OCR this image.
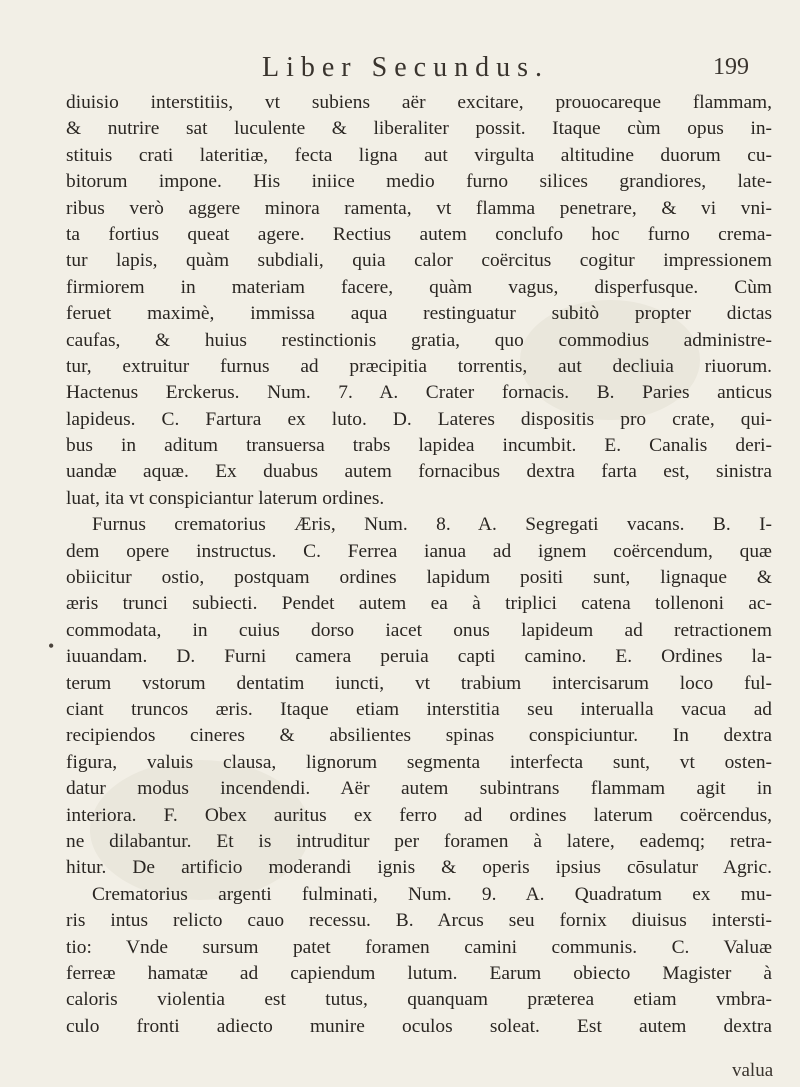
Liber Secundus.	199
•
diuisio interstitiis, vt subiens aër excitare, prouocareque flammam,
& nutrire sat luculente & liberaliter possit. Itaque cùm opus in-
stituis crati lateritiæ, fecta ligna aut virgulta altitudine duorum cu-
bitorum impone. His iniice medio furno silices grandiores, late-
ribus verò aggere minora ramenta, vt flamma penetrare, & vi vni-
ta fortius queat agere. Rectius autem conclufo hoc furno crema-
tur lapis, quàm subdiali, quia calor coërcitus cogitur impressionem
firmiorem in materiam facere, quàm vagus, disperfusque. Cùm
feruet maximè, immissa aqua restinguatur subitò propter dictas
caufas, & huius restinctionis gratia, quo commodius administre-
tur, extruitur furnus ad præcipitia torrentis, aut decliuia riuorum.
Hactenus Erckerus. Num. 7. A. Crater fornacis. B. Paries anticus
lapideus. C. Fartura ex luto. D. Lateres dispositis pro crate, qui-
bus in aditum transuersa trabs lapidea incumbit. E. Canalis deri-
uandæ aquæ. Ex duabus autem fornacibus dextra farta est, sinistra
luat, ita vt conspiciantur laterum ordines.
Furnus crematorius Æris, Num. 8. A. Segregati vacans. B. I-
dem opere instructus. C. Ferrea ianua ad ignem coërcendum, quæ
obiicitur ostio, postquam ordines lapidum positi sunt, lignaque &
æris trunci subiecti. Pendet autem ea à triplici catena tollenoni ac-
commodata, in cuius dorso iacet onus lapideum ad retractionem
iuuandam. D. Furni camera peruia capti camino. E. Ordines la-
terum vstorum dentatim iuncti, vt trabium intercisarum loco ful-
ciant truncos æris. Itaque etiam interstitia seu interualla vacua ad
recipiendos cineres & absilientes spinas conspiciuntur. In dextra
figura, valuis clausa, lignorum segmenta interfecta sunt, vt osten-
datur modus incendendi. Aër autem subintrans flammam agit in
interiora. F. Obex auritus ex ferro ad ordines laterum coërcendus,
ne dilabantur. Et is intruditur per foramen à latere, eademq; retra-
hitur. De artificio moderandi ignis & operis ipsius cōsulatur Agric.
Crematorius argenti fulminati, Num. 9. A. Quadratum ex mu-
ris intus relicto cauo recessu. B. Arcus seu fornix diuisus intersti-
tio: Vnde sursum patet foramen camini communis. C. Valuæ
ferreæ hamatæ ad capiendum lutum. Earum obiecto Magister à
caloris violentia est tutus, quanquam præterea etiam vmbra-
culo fronti adiecto munire oculos soleat. Est autem dextra
valua
